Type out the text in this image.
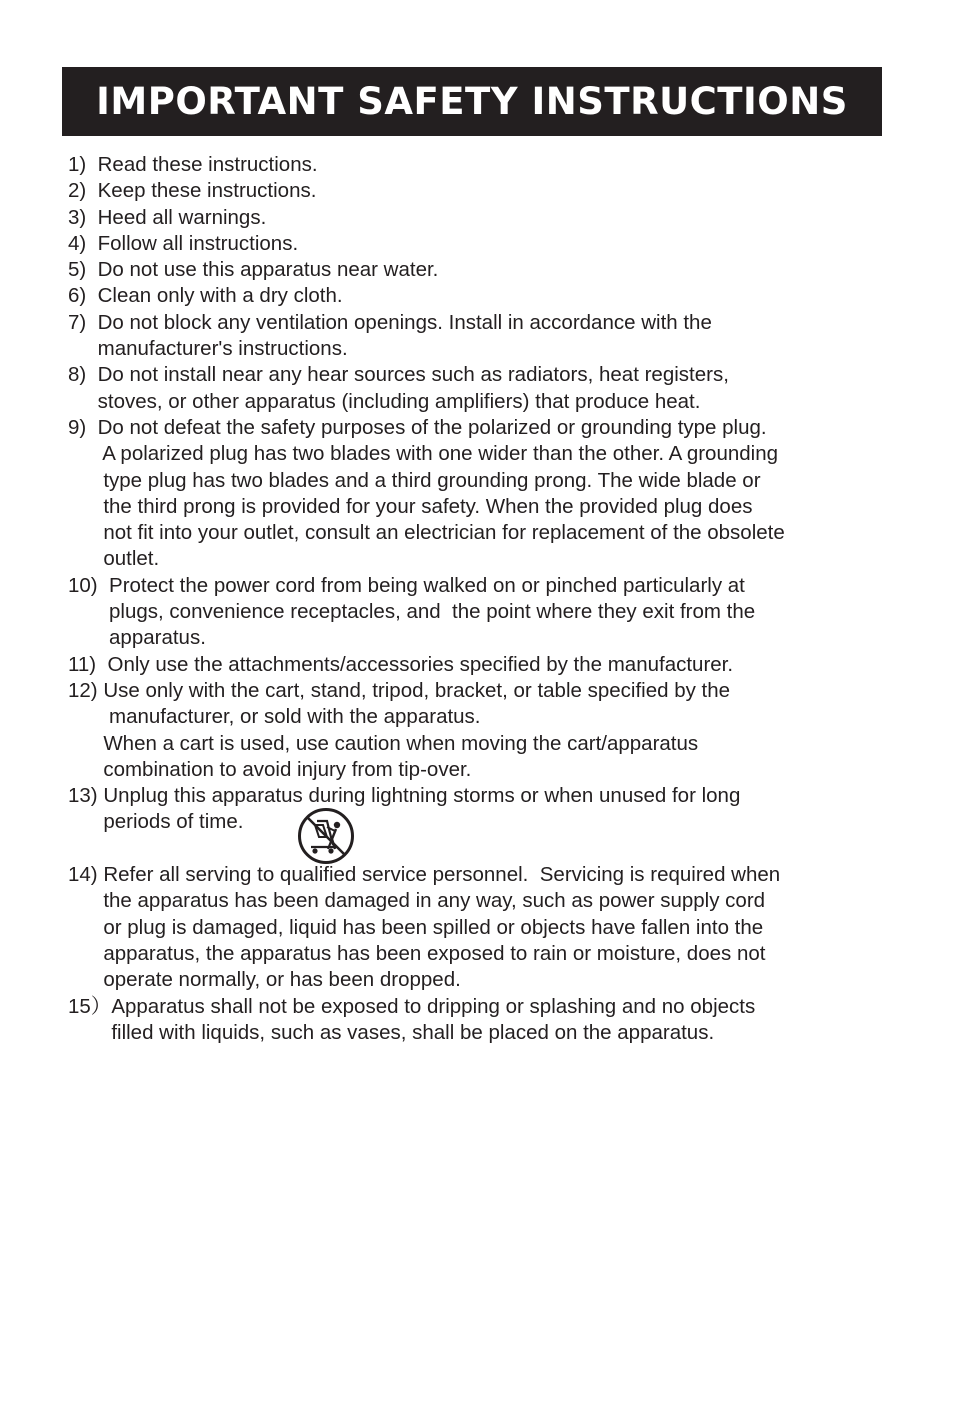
IMPORTANT SAFETY INSTRUCTIONS
1) Read these instructions.
2) Keep these instructions.
3) Heed all warnings.
4) Follow all instructions.
5) Do not use this apparatus near water.
6) Clean only with a dry cloth.
7) Do not block any ventilation openings. Install in accordance with the
manufacturer's instructions.
8) Do not install near any hear sources such as radiators, heat registers,
stoves, or other apparatus (including amplifiers) that produce heat.
9) Do not defeat the safety purposes of the polarized or grounding type plug.
A polarized plug has two blades with one wider than the other. A grounding
type plug has two blades and a third grounding prong. The wide blade or
the third prong is provided for your safety. When the provided plug does
not fit into your outlet, consult an electrician for replacement of the obsolete
outlet.
10) Protect the power cord from being walked on or pinched particularly at
plugs, convenience receptacles, and  the point where they exit from the
apparatus.
11) Only use the attachments/accessories specified by the manufacturer.
12) Use only with the cart, stand, tripod, bracket, or table specified by the
manufacturer, or sold with the apparatus.
When a cart is used, use caution when moving the cart/apparatus
combination to avoid injury from tip-over.
13) Unplug this apparatus during lightning storms or when unused for long
periods of time.

14) Refer all serving to qualified service personnel.  Servicing is required when
the apparatus has been damaged in any way, such as power supply cord
or plug is damaged, liquid has been spilled or objects have fallen into the
apparatus, the apparatus has been exposed to rain or moisture, does not
operate normally, or has been dropped.
15） Apparatus shall not be exposed to dripping or splashing and no objects
filled with liquids, such as vases, shall be placed on the apparatus.
